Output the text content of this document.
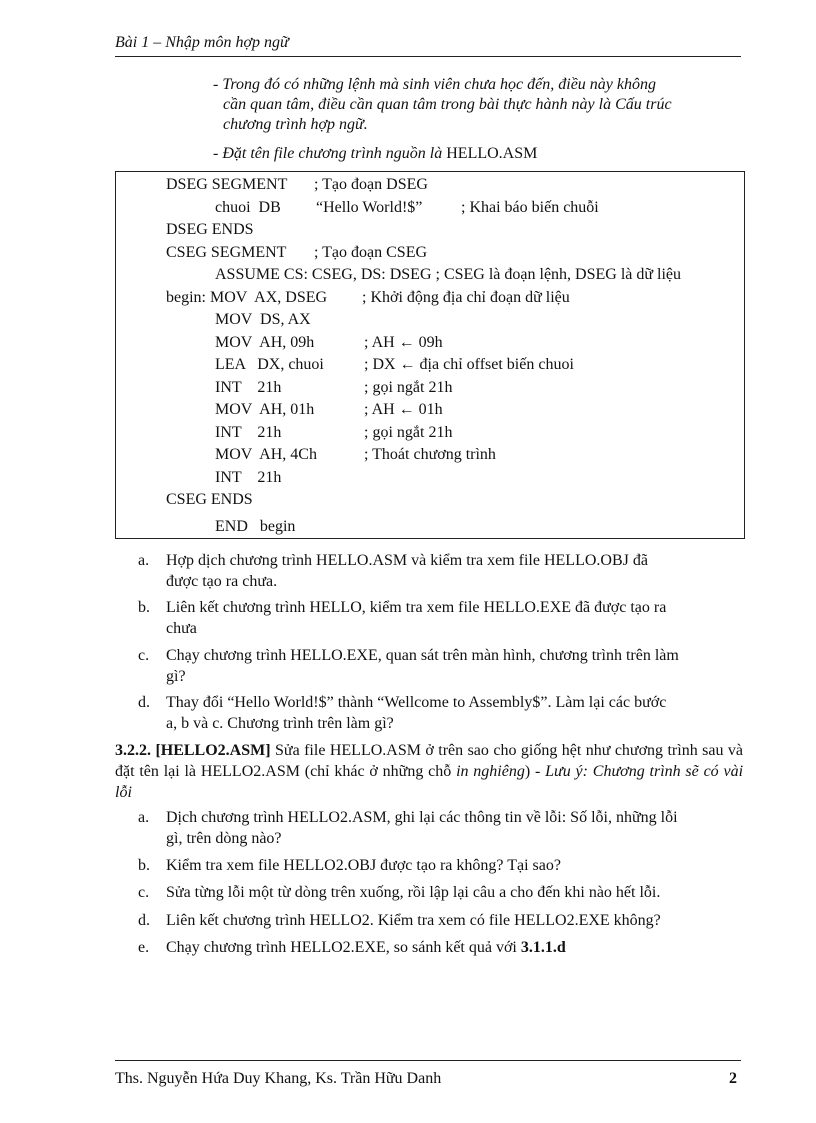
Bài 1 – Nhập môn hợp ngữ
- Trong đó có những lệnh mà sinh viên chưa học đến, điều này không
cần quan tâm, điều cần quan tâm trong bài thực hành này là Cấu trúc
chương trình hợp ngữ.
- Đặt tên file chương trình nguồn là HELLO.ASM
DSEG SEGMENT ; Tạo đoạn DSEG
chuoi  DB “Hello World!$” ; Khai báo biến chuỗi
DSEG ENDS
CSEG SEGMENT ; Tạo đoạn CSEG
ASSUME CS: CSEG, DS: DSEG ; CSEG là đoạn lệnh, DSEG là dữ liệu
begin: MOV  AX, DSEG ; Khởi động địa chỉ đoạn dữ liệu
MOV  DS, AX
MOV  AH, 09h	; AH ← 09h
LEA   DX, chuoi	; DX ← địa chỉ offset biến chuoi
INT    21h	; gọi ngắt 21h
MOV  AH, 01h	; AH ← 01h
INT    21h	; gọi ngắt 21h
MOV  AH, 4Ch	; Thoát chương trình
INT    21h
CSEG ENDS
END   begin
a. Hợp dịch chương trình HELLO.ASM và kiểm tra xem file HELLO.OBJ đã
được tạo ra chưa.
b. Liên kết chương trình HELLO, kiểm tra xem file HELLO.EXE đã được tạo ra
chưa
c. Chạy chương trình HELLO.EXE, quan sát trên màn hình, chương trình trên làm
gì?
d. Thay đổi “Hello World!$” thành “Wellcome to Assembly$”. Làm lại các bước
a, b và c. Chương trình trên làm gì?
3.2.2. [HELLO2.ASM] Sửa file HELLO.ASM ở trên sao cho giống hệt như chương trình sau và đặt tên lại là HELLO2.ASM (chỉ khác ở những chỗ in nghiêng) - Lưu ý: Chương trình sẽ có vài lỗi
a. Dịch chương trình HELLO2.ASM, ghi lại các thông tin về lỗi: Số lỗi, những lỗi
gì, trên dòng nào?
b. Kiểm tra xem file HELLO2.OBJ được tạo ra không? Tại sao?
c. Sửa từng lỗi một từ dòng trên xuống, rồi lập lại câu a cho đến khi nào hết lỗi.
d. Liên kết chương trình HELLO2. Kiểm tra xem có file HELLO2.EXE không?
e. Chạy chương trình HELLO2.EXE, so sánh kết quả với 3.1.1.d
Ths. Nguyễn Hứa Duy Khang, Ks. Trần Hữu Danh	2
